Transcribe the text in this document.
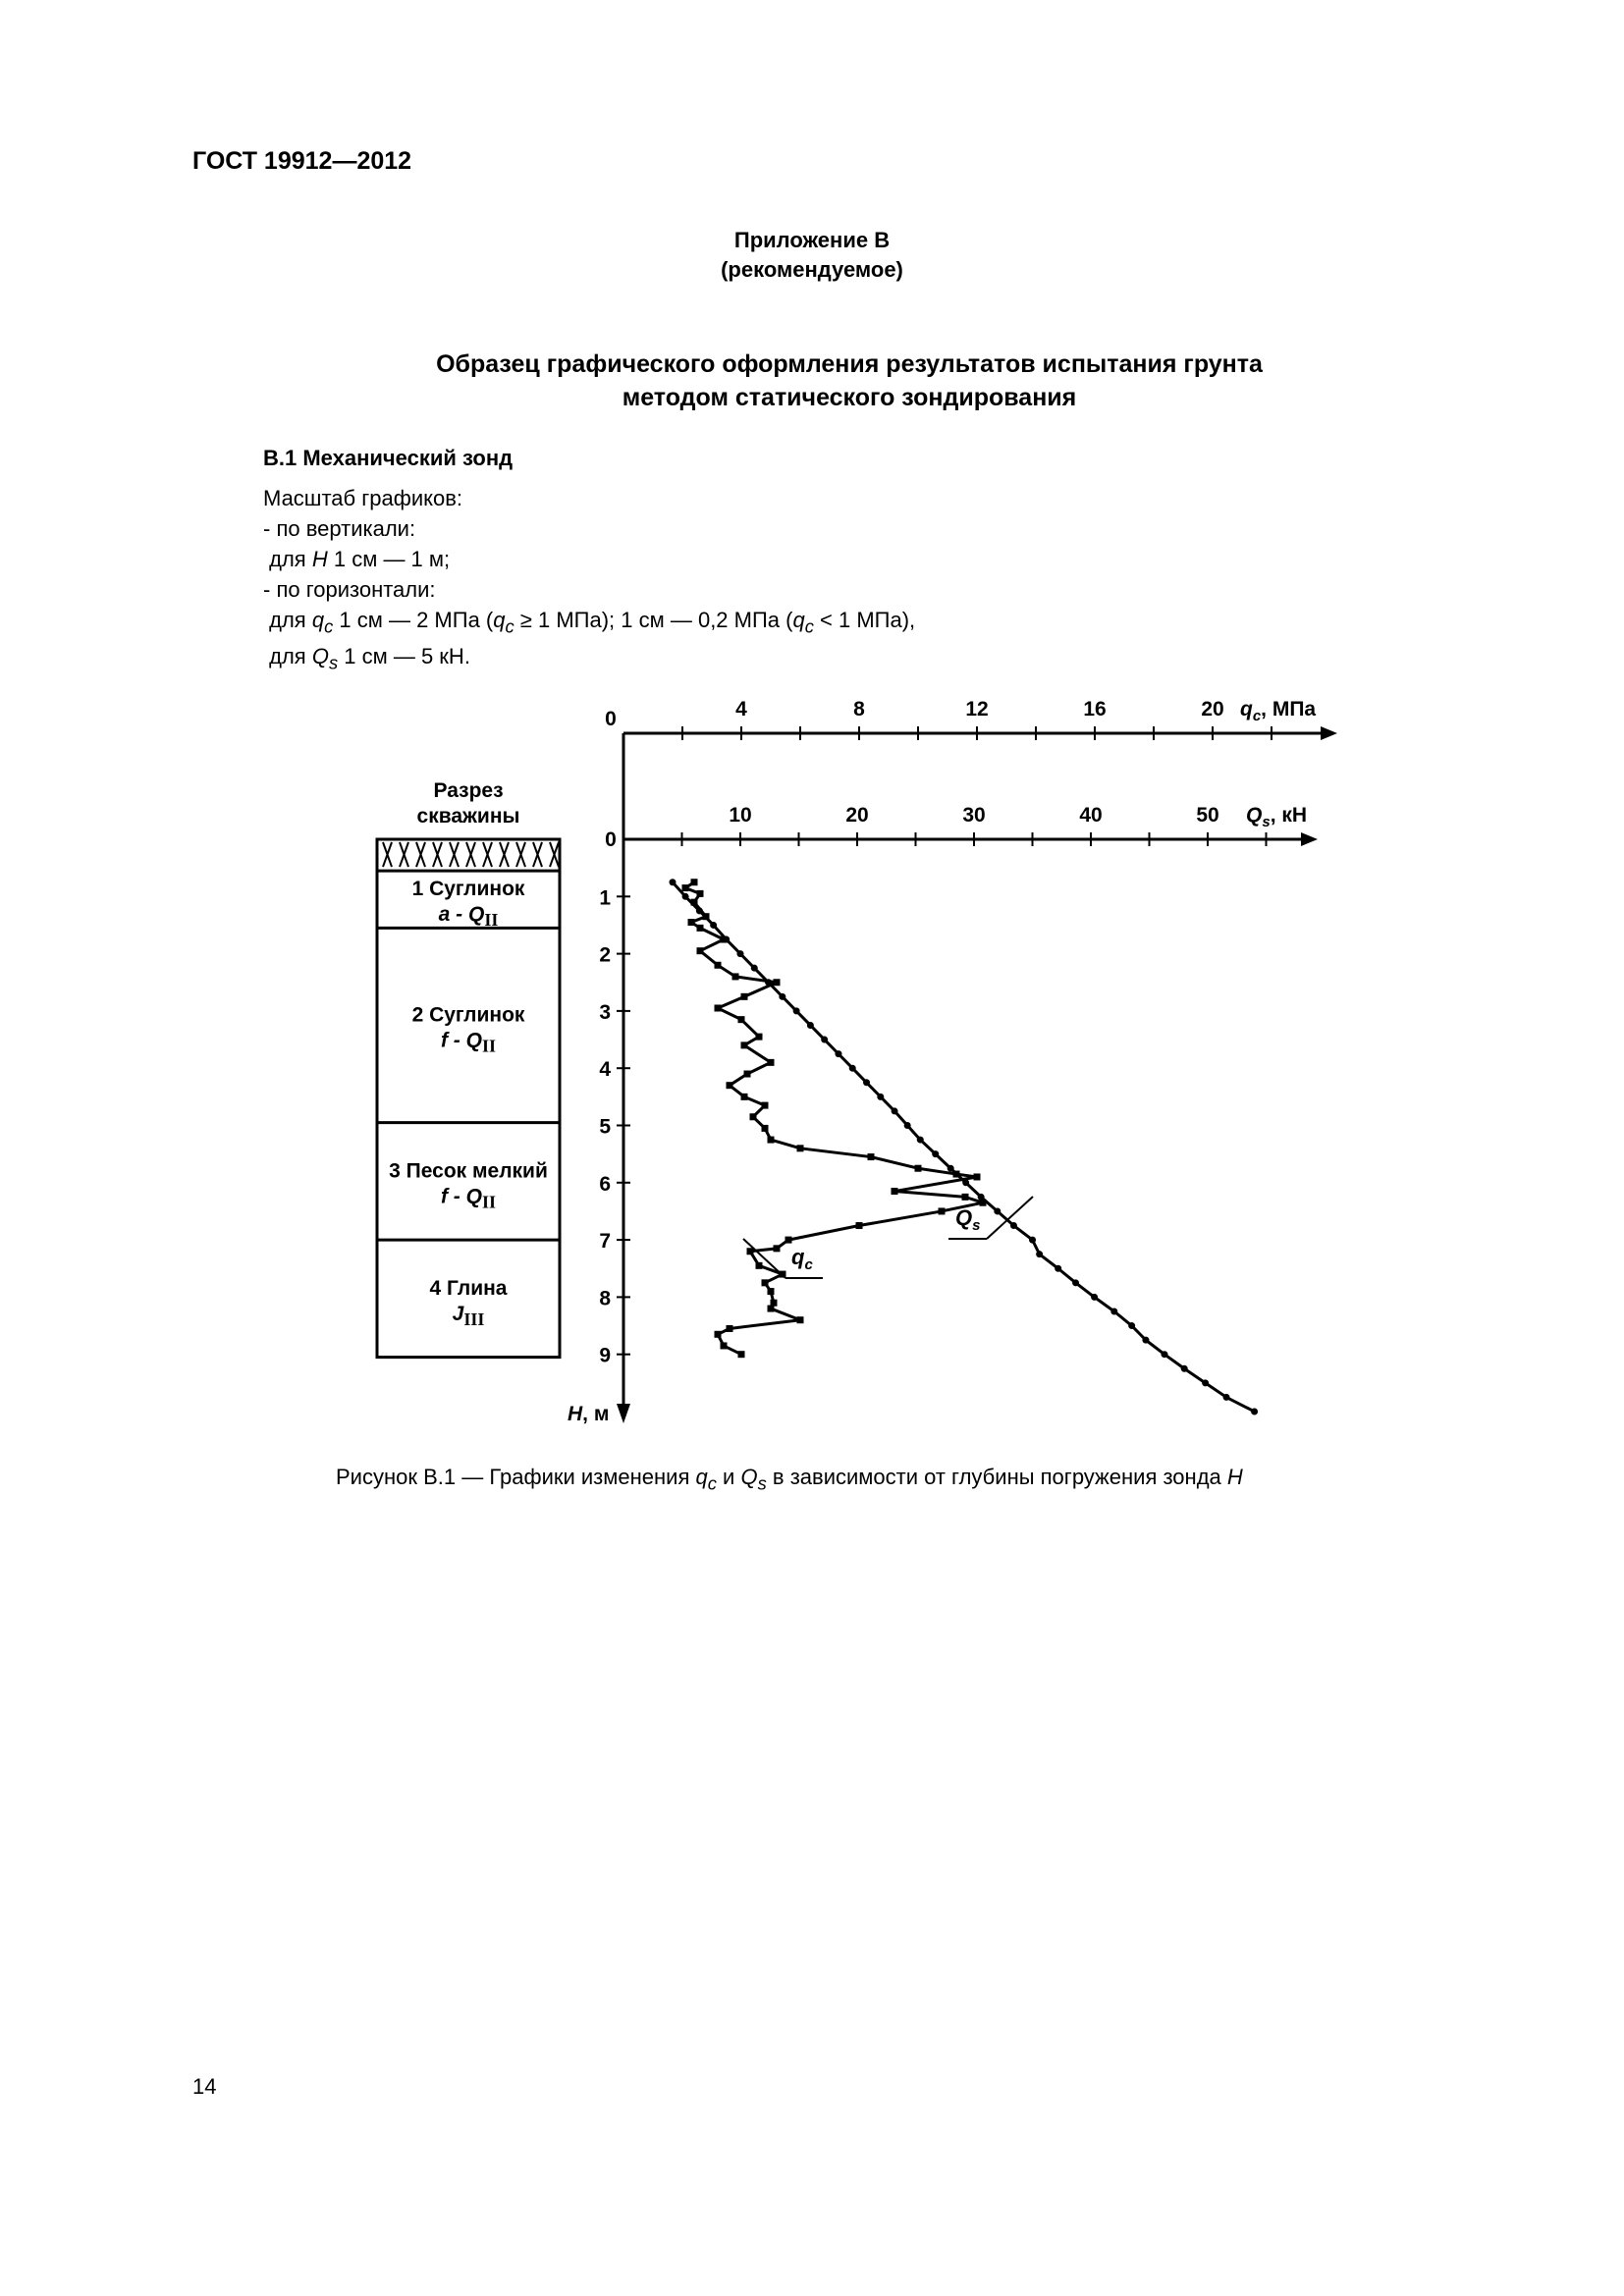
ГОСТ 19912—2012
Приложение В
(рекомендуемое)
Образец графического оформления результатов испытания грунта
методом статического зондирования
В.1 Механический зонд
Масштаб графиков:
- по вертикали:
для H 1 см — 1 м;
- по горизонтали:
для $q_c$ 1 см — 2 МПа ($q_c \ge 1$ МПа); 1 см — 0,2 МПа ($q_c < 1$ МПа),
для $Q_s$ 1 см — 5 кН.
Разрез
скважины
1 Суглинок
a - QII
2 Суглинок
f - QII
3 Песок мелкий
f - QII
4 Глина
JIII
0	4	8	12	16	20 $q_c$, МПа
0
10	20	30	40	50 $Q_s$, кН
1
2
3
4
5
6
7
8
9
H, м
$Q_s$
$q_c$
Рисунок В.1 — Графики изменения $q_c$ и $Q_s$ в зависимости от глубины погружения зонда H
14
